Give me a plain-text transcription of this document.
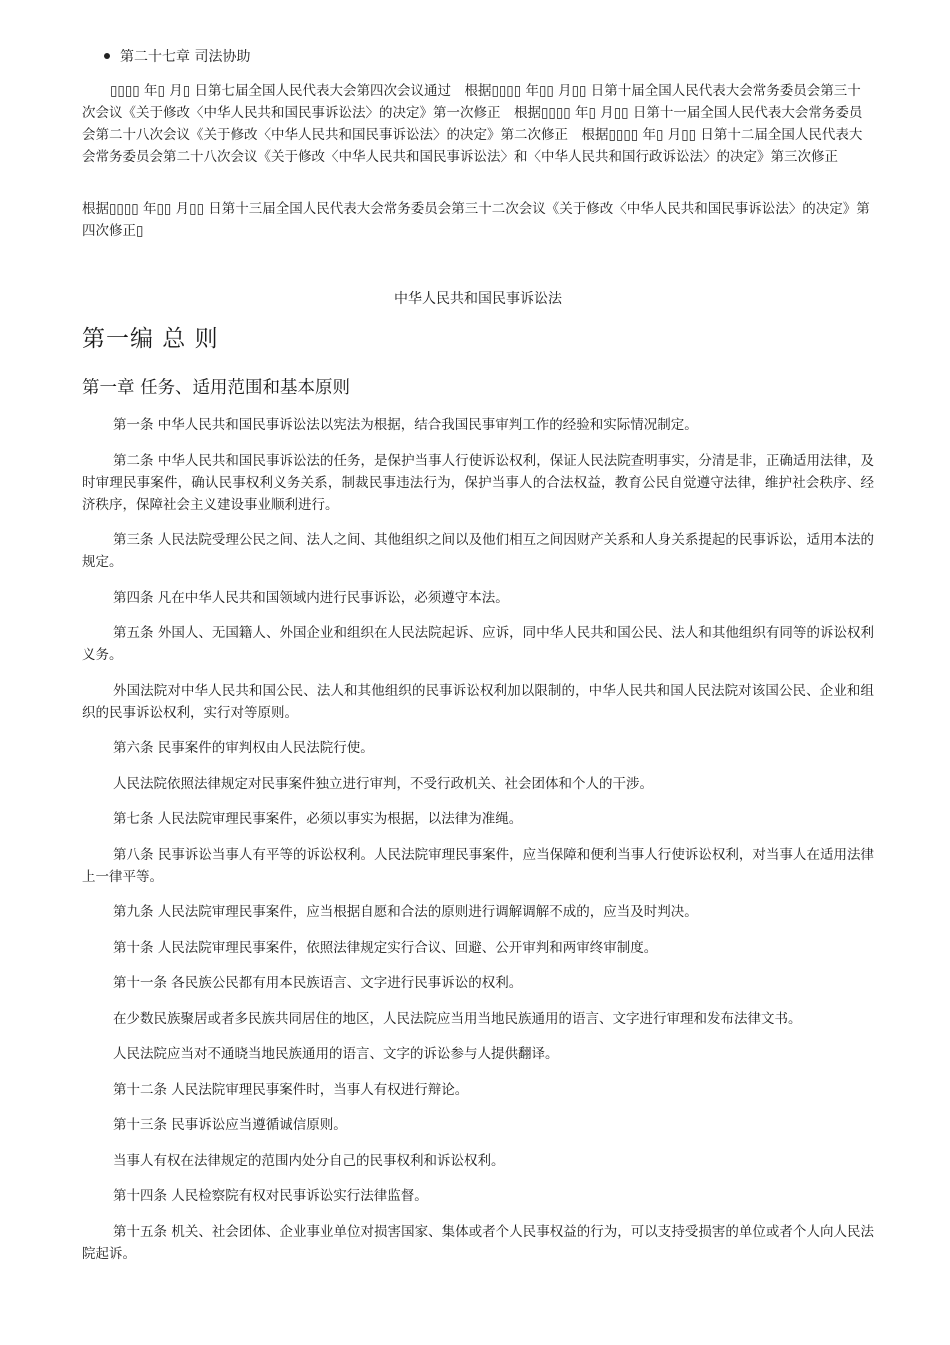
第二十七章 司法协助
▯▯▯▯ 年▯ 月▯ 日第七届全国人民代表大会第四次会议通过　根据▯▯▯▯ 年▯▯ 月▯▯ 日第十届全国人民代表大会常务委员会第三十次会议《关于修改〈中华人民共和国民事诉讼法〉的决定》第一次修正　根据▯▯▯▯ 年▯ 月▯▯ 日第十一届全国人民代表大会常务委员会第二十八次会议《关于修改〈中华人民共和国民事诉讼法〉的决定》第二次修正　根据▯▯▯▯ 年▯ 月▯▯ 日第十二届全国人民代表大会常务委员会第二十八次会议《关于修改〈中华人民共和国民事诉讼法〉和〈中华人民共和国行政诉讼法〉的决定》第三次修正
根据▯▯▯▯ 年▯▯ 月▯▯ 日第十三届全国人民代表大会常务委员会第三十二次会议《关于修改〈中华人民共和国民事诉讼法〉的决定》第四次修正▯
中华人民共和国民事诉讼法
第一编 总 则
第一章 任务、适用范围和基本原则

第一条 中华人民共和国民事诉讼法以宪法为根据，结合我国民事审判工作的经验和实际情况制定。

第二条 中华人民共和国民事诉讼法的任务，是保护当事人行使诉讼权利，保证人民法院查明事实，分清是非，正确适用法律，及时审理民事案件，确认民事权利义务关系，制裁民事违法行为，保护当事人的合法权益，教育公民自觉遵守法律，维护社会秩序、经济秩序，保障社会主义建设事业顺利进行。

第三条 人民法院受理公民之间、法人之间、其他组织之间以及他们相互之间因财产关系和人身关系提起的民事诉讼，适用本法的规定。

第四条 凡在中华人民共和国领域内进行民事诉讼，必须遵守本法。

第五条 外国人、无国籍人、外国企业和组织在人民法院起诉、应诉，同中华人民共和国公民、法人和其他组织有同等的诉讼权利义务。

外国法院对中华人民共和国公民、法人和其他组织的民事诉讼权利加以限制的，中华人民共和国人民法院对该国公民、企业和组织的民事诉讼权利，实行对等原则。

第六条 民事案件的审判权由人民法院行使。

人民法院依照法律规定对民事案件独立进行审判，不受行政机关、社会团体和个人的干涉。

第七条 人民法院审理民事案件，必须以事实为根据，以法律为准绳。

第八条 民事诉讼当事人有平等的诉讼权利。人民法院审理民事案件，应当保障和便利当事人行使诉讼权利，对当事人在适用法律上一律平等。

第九条 人民法院审理民事案件，应当根据自愿和合法的原则进行调解调解不成的，应当及时判决。

第十条 人民法院审理民事案件，依照法律规定实行合议、回避、公开审判和两审终审制度。

第十一条 各民族公民都有用本民族语言、文字进行民事诉讼的权利。

在少数民族聚居或者多民族共同居住的地区，人民法院应当用当地民族通用的语言、文字进行审理和发布法律文书。

人民法院应当对不通晓当地民族通用的语言、文字的诉讼参与人提供翻译。

第十二条 人民法院审理民事案件时，当事人有权进行辩论。

第十三条 民事诉讼应当遵循诚信原则。

当事人有权在法律规定的范围内处分自己的民事权利和诉讼权利。

第十四条 人民检察院有权对民事诉讼实行法律监督。

第十五条 机关、社会团体、企业事业单位对损害国家、集体或者个人民事权益的行为，可以支持受损害的单位或者个人向人民法院起诉。
